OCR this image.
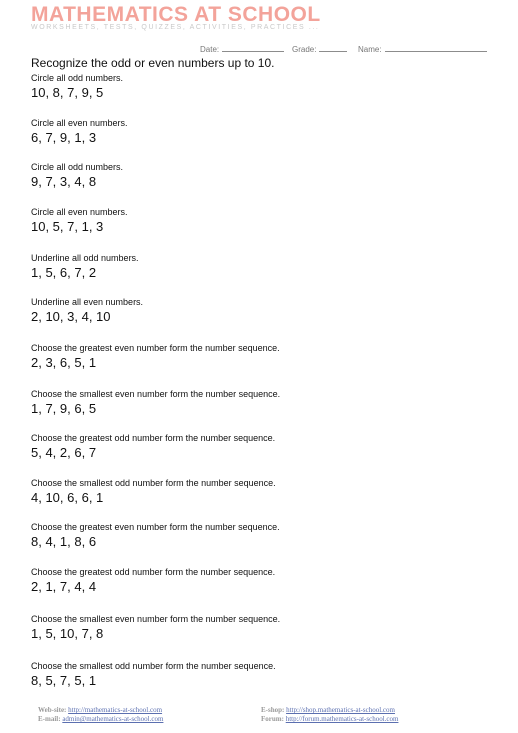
MATHEMATICS AT SCHOOL
WORKSHEETS, TESTS, QUIZZES, ACTIVITIES, PRACTICES ...
Date:	Grade:	Name:
Recognize the odd or even numbers up to 10.
Circle all odd numbers.
10, 8, 7, 9, 5
Circle all even numbers.
6, 7, 9, 1, 3
Circle all odd numbers.
9, 7, 3, 4, 8
Circle all even numbers.
10, 5, 7, 1, 3
Underline all odd numbers.
1, 5, 6, 7, 2
Underline all even numbers.
2, 10, 3, 4, 10
Choose the greatest even number form the number sequence.
2, 3, 6, 5, 1
Choose the smallest even number form the number sequence.
1, 7, 9, 6, 5
Choose the greatest odd number form the number sequence.
5, 4, 2, 6, 7
Choose the smallest odd number form the number sequence.
4, 10, 6, 6, 1
Choose the greatest even number form the number sequence.
8, 4, 1, 8, 6
Choose the greatest odd number form the number sequence.
2, 1, 7, 4, 4
Choose the smallest even number form the number sequence.
1, 5, 10, 7, 8
Choose the smallest odd number form the number sequence.
8, 5, 7, 5, 1
Web-site: http://mathematics-at-school.com
E-mail: admin@mathematics-at-school.com
E-shop: http://shop.mathematics-at-school.com
Forum: http://forum.mathematics-at-school.com
